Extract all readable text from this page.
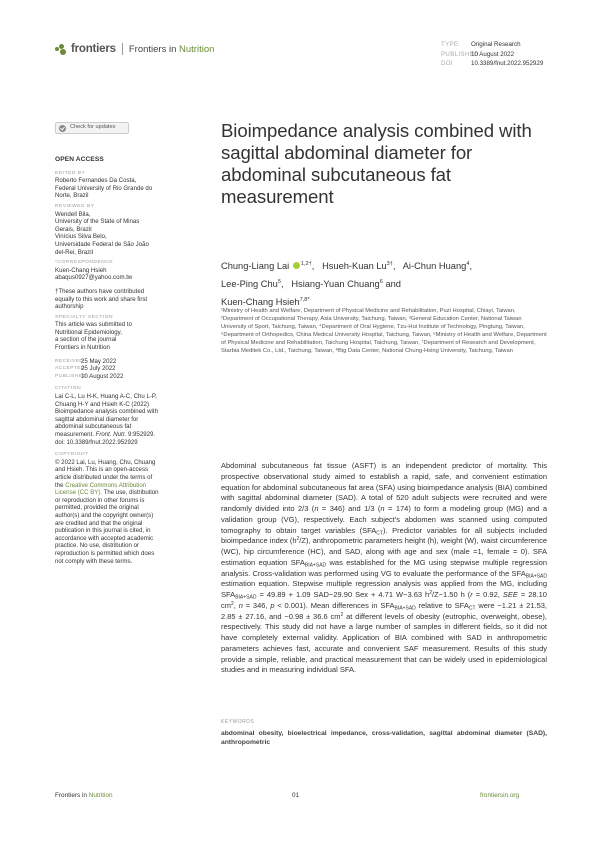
frontiers Frontiers in Nutrition	TYPE	Original Research
PUBLISHED
10 August 2022
DOI	10.3389/fnut.2022.952929
Check for updates
OPEN ACCESS
EDITED BY

Roberto Fernandes Da Costa,

Federal University of Rio Grande do

Norte, Brazil

REVIEWED BY

Wendell Bila,

University of the State of Minas

Gerais, Brazil

Vinícius Silva Belo,

Universidade Federal de São João

del-Rei, Brazil

*CORRESPONDENCE

Kuen-Chang Hsieh

abaqus0927@yahoo.com.tw

†These authors have contributed

equally to this work and share first

authorship

SPECIALTY SECTION

This article was submitted to

Nutritional Epidemiology,

a section of the journal

Frontiers in Nutrition

RECEIVED
25 May 2022
ACCEPTED
25 July 2022
PUBLISHED
10 August 2022
CITATION

Lai C-L, Lu H-K, Huang A-C, Chu L-P,

Chuang H-Y and Hsieh K-C (2022)

Bioimpedance analysis combined with

sagittal abdominal diameter for

abdominal subcutaneous fat

measurement. Front. Nutr. 9:952929.

doi: 10.3389/fnut.2022.952929

COPYRIGHT

© 2022 Lai, Lu, Huang, Chu, Chuang

and Hsieh. This is an open-access

article distributed under the terms of

the Creative Commons Attribution

License (CC BY). The use, distribution

or reproduction in other forums is

permitted, provided the original

author(s) and the copyright owner(s)

are credited and that the original

publication in this journal is cited, in

accordance with accepted academic

practice. No use, distribution or

reproduction is permitted which does

not comply with these terms.

Bioimpedance analysis combined with sagittal abdominal diameter for abdominal subcutaneous fat measurement
Chung-Liang Lai $^{1,2\dagger}$,   Hsueh-Kuan $Lu^{3\dagger}$,   Ai-Chun Huang$^4$,
Lee-Ping Chu$^5$,   Hsiang-Yuan Chuang$^6$ and
Kuen-Chang Hsieh$^{7,8*}$
¹Ministry of Health and Welfare, Department of Physical Medicine and Rehabilitation, Puzi Hospital, Chiayi, Taiwan, ²Department of Occupational Therapy, Asia University, Taichung, Taiwan, ³General Education Center, National Taiwan University of Sport, Taichung, Taiwan, ⁴Department of Oral Hygiene, Tzu-Hui Institute of Technology, Pingtung, Taiwan, ⁵Department of Orthopedics, China Medical University Hospital, Taichung, Taiwan, ⁶Ministry of Health and Welfare, Department of Physical Medicine and Rehabilitation, Taichung Hospital, Taichung, Taiwan, ⁷Department of Research and Development, Starbia Meditek Co., Ltd., Taichung, Taiwan, ⁸Big Data Center, National Chung-Hsing University, Taichung, Taiwan
Abdominal subcutaneous fat tissue (ASFT) is an independent predictor of mortality. This prospective observational study aimed to establish a rapid, safe, and convenient estimation equation for abdominal subcutaneous fat area (SFA) using bioimpedance analysis (BIA) combined with sagittal abdominal diameter (SAD). A total of 520 adult subjects were recruited and were randomly divided into 2/3 (n = 346) and 1/3 (n = 174) to form a modeling group (MG) and a validation group (VG), respectively. Each subject's abdomen was scanned using computed tomography to obtain target variables $(SFA_{CT})$. Predictor variables for all subjects included bioimpedance index $(h^2/Z)$, anthropometric parameters height (h), weight (W), waist circumference (WC), hip circumference (HC), and SAD, along with age and sex (male =1, female = 0). SFA estimation equation $SFA_{BIA+SAD}$ was established for the MG using stepwise multiple regression analysis. Cross-validation was performed using VG to evaluate the performance of the $SFA_{BIA+SAD}$ estimation equation. Stepwise multiple regression analysis was applied from the MG, including $SFA_{BIA+SAD} = 49.89 + 1.09$ SAD−29.90 Sex + 4.71 W−3.63 $h^2/Z-1.50$ h (r = 0.92, SEE = 28.10 $cm^2$, n = 346, p < 0.001). Mean differences in $SFA_{BIA+SAD}$ relative to $SFA_{CT}$ were −1.21 ± 21.53, 2.85 ± 27.16, and −0.98 ± 36.6 $cm^2$ at different levels of obesity (eutrophic, overweight, obese), respectively. This study did not have a large number of samples in different fields, so it did not have completely external validity. Application of BIA combined with SAD in anthropometric parameters achieves fast, accurate and convenient SAF measurement. Results of this study provide a simple, reliable, and practical measurement that can be widely used in epidemiological studies and in measuring individual SFA.
KEYWORDS
abdominal obesity, bioelectrical impedance, cross-validation, sagittal abdominal diameter (SAD), anthropometric
Frontiers in Nutrition	01	frontiersin.org
